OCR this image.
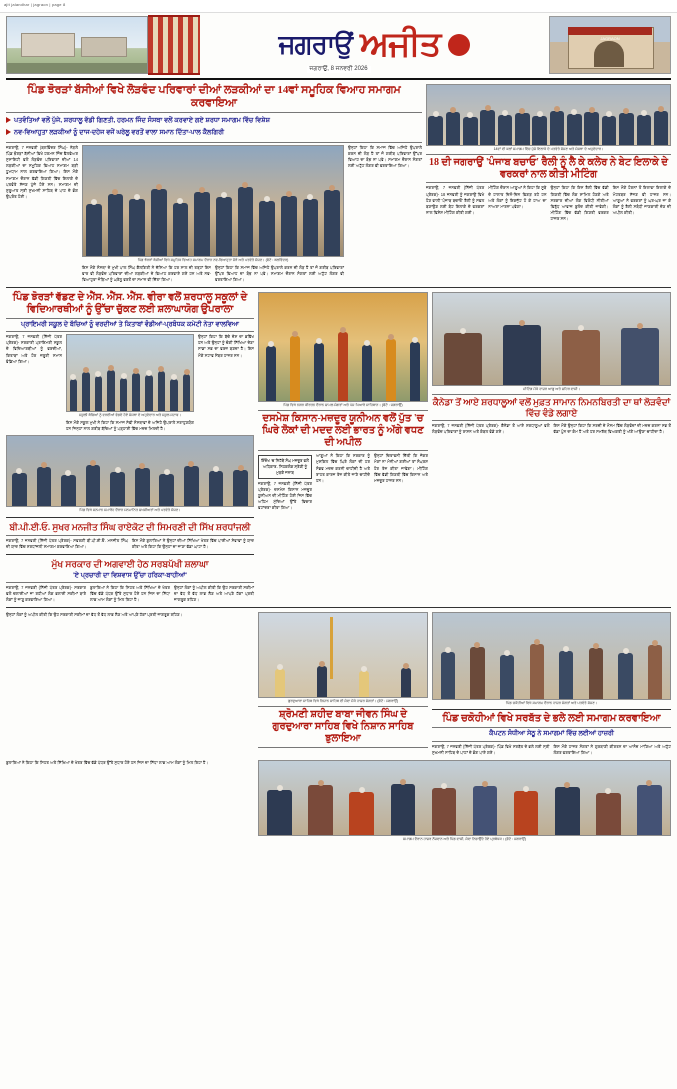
ajit jalandhar | jagraon | page 8
ਜਗਰਾਉਂ ਅਜੀਤ
ਜਗਰਾਉਂ, 8 ਜਨਵਰੀ 2026
JAGRAON
ਪਿੰਡ ਝੋਰੜਾਂ ਬੱਸੀਆਂ ਵਿਖੇ ਲੋੜਵੰਦ ਪਰਿਵਾਰਾਂ ਦੀਆਂ ਲੜਕੀਆਂ ਦਾ 14ਵਾਂ ਸਮੂਹਿਕ ਵਿਆਹ ਸਮਾਗਮ ਕਰਵਾਇਆ
ਪਤਵੰਤਿਆਂ ਵਲੋਂ ਪੁੱਜੇ, ਸ਼ਰਧਾਲੂ ਵੱਡੀ ਗਿਣਤੀ, ਹਰਮਨ ਜਿੰਦ ਸੰਸਥਾ ਵਲੋਂ ਕਰਵਾਏ ਗਏ ਸ਼ਰਧਾ ਸਮਾਗਮ ਵਿੱਚ ਵਿਸ਼ੇਸ਼
ਨਵ-ਵਿਆਹੁਤਾ ਲੜਕੀਆਂ ਨੂੰ ਦਾਜ-ਦਹੇਜ ਵਜੋਂ ਘਰੇਲੂ ਵਰਤੋਂ ਵਾਲਾ ਸਮਾਨ ਦਿੱਤਾ-ਪਾਲ ਕੈਲਗਿਰੀ
ਜਗਰਾਉਂ, 7 ਜਨਵਰੀ (ਬਲਵਿੰਦਰ ਸਿੰਘ)- ਨੇੜਲੇ ਪਿੰਡ ਝੋਰੜਾਂ ਬੱਸੀਆਂ ਵਿਖੇ ਹਰਮਨ ਜਿੰਦ ਵੈਲਫੇਅਰ ਸੁਸਾਇਟੀ ਵਲੋਂ ਲੋੜਵੰਦ ਪਰਿਵਾਰਾਂ ਦੀਆਂ 14 ਲੜਕੀਆਂ ਦਾ ਸਮੂਹਿਕ ਵਿਆਹ ਸਮਾਗਮ ਬੜੀ ਧੂਮਧਾਮ ਨਾਲ ਕਰਵਾਇਆ ਗਿਆ। ਇਸ ਮੌਕੇ ਸਮਾਗਮ ਦੌਰਾਨ ਵੱਡੀ ਗਿਣਤੀ ਵਿੱਚ ਇਲਾਕੇ ਦੇ ਪਤਵੰਤੇ ਸੱਜਣ ਪੁੱਜੇ ਹੋਏ ਸਨ। ਸਮਾਗਮ ਦੀ ਸ਼ੁਰੂਆਤ ਸ੍ਰੀ ਸੁਖਮਨੀ ਸਾਹਿਬ ਦੇ ਪਾਠ ਦੇ ਭੋਗ ਉਪਰੰਤ ਹੋਈ।
ਪਿੰਡ ਝੋਰੜਾਂ ਬੱਸੀਆਂ ਵਿਖੇ ਸਮੂਹਿਕ ਵਿਆਹ ਸਮਾਗਮ ਦੌਰਾਨ ਨਵ-ਵਿਆਹੁਤਾ ਜੋੜੇ ਅਤੇ ਪਤਵੰਤੇ ਸੱਜਣ। (ਫੋਟੋ : ਬਲਵਿੰਦਰ)
ਇਸ ਮੌਕੇ ਸੰਸਥਾ ਦੇ ਮੁਖੀ ਪਾਲ ਸਿੰਘ ਕੈਲਗਿਰੀ ਨੇ ਦੱਸਿਆ ਕਿ ਹਰ ਸਾਲ ਦੀ ਤਰ੍ਹਾਂ ਇਸ ਵਾਰ ਵੀ ਲੋੜਵੰਦ ਪਰਿਵਾਰਾਂ ਦੀਆਂ ਲੜਕੀਆਂ ਦੇ ਵਿਆਹ ਕਰਵਾਏ ਗਏ ਹਨ ਅਤੇ ਨਵ-ਵਿਆਹੁਤਾ ਜੋੜਿਆਂ ਨੂੰ ਘਰੇਲੂ ਵਰਤੋਂ ਦਾ ਸਮਾਨ ਵੀ ਦਿੱਤਾ ਗਿਆ।
ਉਨ੍ਹਾਂ ਕਿਹਾ ਕਿ ਸਮਾਜ ਵਿੱਚ ਅਜਿਹੇ ਉਪਰਾਲੇ ਕਰਨ ਦੀ ਲੋੜ ਹੈ ਤਾਂ ਜੋ ਗਰੀਬ ਪਰਿਵਾਰਾਂ ਉੱਪਰ ਵਿਆਹ ਦਾ ਬੋਝ ਨਾ ਪਵੇ। ਸਮਾਗਮ ਦੌਰਾਨ ਸੰਗਤਾਂ ਲਈ ਅਟੁੱਟ ਲੰਗਰ ਵੀ ਵਰਤਾਇਆ ਗਿਆ।
ਉਨ੍ਹਾਂ ਕਿਹਾ ਕਿ ਸਮਾਜ ਵਿੱਚ ਅਜਿਹੇ ਉਪਰਾਲੇ ਕਰਨ ਦੀ ਲੋੜ ਹੈ ਤਾਂ ਜੋ ਗਰੀਬ ਪਰਿਵਾਰਾਂ ਉੱਪਰ ਵਿਆਹ ਦਾ ਬੋਝ ਨਾ ਪਵੇ। ਸਮਾਗਮ ਦੌਰਾਨ ਸੰਗਤਾਂ ਲਈ ਅਟੁੱਟ ਲੰਗਰ ਵੀ ਵਰਤਾਇਆ ਗਿਆ।
14ਵਾਂ ਵੀ ਕਲਾਂ ਸਮਾਗਮ ਵਿੱਚ ਪੁੱਜੇ ਇਲਾਕੇ ਦੇ ਪਤਵੰਤੇ ਸੱਜਣ ਅਤੇ ਸੰਸਥਾ ਦੇ ਅਹੁਦੇਦਾਰ।
18 ਦੀ ਜਗਰਾਉਂ 'ਪੰਜਾਬ ਬਚਾਓ' ਰੈਲੀ ਨੂੰ ਲੈ ਕੇ ਕਲੇਰ ਨੇ ਬੇਟ ਇਲਾਕੇ ਦੇ ਵਰਕਰਾਂ ਨਾਲ ਕੀਤੀ ਮੀਟਿੰਗ
ਜਗਰਾਉਂ, 7 ਜਨਵਰੀ (ਨਿੱਜੀ ਪੱਤਰ ਪ੍ਰੇਰਕ)- 18 ਜਨਵਰੀ ਨੂੰ ਜਗਰਾਉਂ ਵਿਖੇ ਹੋਣ ਵਾਲੀ 'ਪੰਜਾਬ ਬਚਾਓ' ਰੈਲੀ ਨੂੰ ਸਫਲ ਬਣਾਉਣ ਲਈ ਬੇਟ ਇਲਾਕੇ ਦੇ ਵਰਕਰਾਂ ਨਾਲ ਵਿਸ਼ੇਸ਼ ਮੀਟਿੰਗ ਕੀਤੀ ਗਈ।
ਮੀਟਿੰਗ ਦੌਰਾਨ ਆਗੂਆਂ ਨੇ ਕਿਹਾ ਕਿ ਸੂਬੇ ਦੇ ਹਾਲਾਤ ਦਿਨੋ-ਦਿਨ ਵਿਗੜ ਰਹੇ ਹਨ ਅਤੇ ਲੋਕਾਂ ਨੂੰ ਇਕਜੁੱਟ ਹੋ ਕੇ ਹਾਅ ਦਾ ਨਾਅਰਾ ਮਾਰਨਾ ਪਵੇਗਾ।
ਉਨ੍ਹਾਂ ਕਿਹਾ ਕਿ ਇਸ ਰੈਲੀ ਵਿੱਚ ਵੱਡੀ ਗਿਣਤੀ ਵਿੱਚ ਲੋਕ ਸ਼ਾਮਿਲ ਹੋਣਗੇ ਅਤੇ ਸਰਕਾਰ ਦੀਆਂ ਲੋਕ ਵਿਰੋਧੀ ਨੀਤੀਆਂ ਵਿਰੁੱਧ ਆਵਾਜ਼ ਬੁਲੰਦ ਕੀਤੀ ਜਾਵੇਗੀ। ਮੀਟਿੰਗ ਵਿੱਚ ਵੱਡੀ ਗਿਣਤੀ ਵਰਕਰ ਹਾਜ਼ਰ ਸਨ।
ਇਸ ਮੌਕੇ ਹੋਰਨਾਂ ਤੋਂ ਇਲਾਵਾ ਇਲਾਕੇ ਦੇ ਮੋਹਤਬਰ ਸੱਜਣ ਵੀ ਹਾਜ਼ਰ ਸਨ। ਆਗੂਆਂ ਨੇ ਵਰਕਰਾਂ ਨੂੰ ਘਰ-ਘਰ ਜਾ ਕੇ ਲੋਕਾਂ ਨੂੰ ਰੈਲੀ ਸਬੰਧੀ ਜਾਣਕਾਰੀ ਦੇਣ ਦੀ ਅਪੀਲ ਕੀਤੀ।
ਪਿੰਡ ਝੋਰੜਾਂ ਵੱਡਣ ਦੇ ਐੱਸ. ਐੱਸ. ਐੱਸ. ਵੀਰਾ ਵਲੋਂ ਸ਼ਰਧਾਲੂ ਸਕੂਲਾਂ ਦੇ ਵਿਦਿਆਰਥੀਆਂ ਨੂੰ ਉੱਚਾ ਚੁੱਕਣ ਲਈ ਸ਼ਲਾਘਾਯੋਗ ਉਪਰਾਲਾ
ਪ੍ਰਾਇਮਰੀ ਸਕੂਲ ਦੇ ਬੱਚਿਆਂ ਨੂੰ ਵਰਦੀਆਂ ਤੇ ਕਿਤਾਬਾਂ ਵੰਡੀਆਂ-ਪ੍ਰਬੰਧਕ ਕਮੇਟੀ ਨੇਤਾ ਵਾਲਵਿਆ
ਜਗਰਾਉਂ, 7 ਜਨਵਰੀ (ਨਿੱਜੀ ਪੱਤਰ ਪ੍ਰੇਰਕ)- ਸਰਕਾਰੀ ਪ੍ਰਾਇਮਰੀ ਸਕੂਲ ਦੇ ਵਿਦਿਆਰਥੀਆਂ ਨੂੰ ਵਰਦੀਆਂ, ਕਿਤਾਬਾਂ ਅਤੇ ਹੋਰ ਜ਼ਰੂਰੀ ਸਮਾਨ ਵੰਡਿਆ ਗਿਆ।
ਸਕੂਲੀ ਬੱਚਿਆਂ ਨੂੰ ਵਰਦੀਆਂ ਵੰਡਦੇ ਹੋਏ ਸੰਸਥਾ ਦੇ ਅਹੁਦੇਦਾਰ ਅਤੇ ਸਕੂਲ ਸਟਾਫ।
ਇਸ ਮੌਕੇ ਸਕੂਲ ਮੁਖੀ ਨੇ ਕਿਹਾ ਕਿ ਸਮਾਜ ਸੇਵੀ ਸੰਸਥਾਵਾਂ ਦੇ ਅਜਿਹੇ ਉਪਰਾਲੇ ਸਰਾਹੁਣਯੋਗ ਹਨ ਜਿਨ੍ਹਾਂ ਨਾਲ ਗਰੀਬ ਬੱਚਿਆਂ ਨੂੰ ਪੜ੍ਹਾਈ ਵਿੱਚ ਮਦਦ ਮਿਲਦੀ ਹੈ।
ਉਨ੍ਹਾਂ ਕਿਹਾ ਕਿ ਬੱਚੇ ਦੇਸ਼ ਦਾ ਭਵਿੱਖ ਹਨ ਅਤੇ ਉਨ੍ਹਾਂ ਨੂੰ ਚੰਗੀ ਸਿੱਖਿਆ ਦੇਣਾ ਸਾਡਾ ਸਭ ਦਾ ਫਰਜ਼ ਬਣਦਾ ਹੈ। ਇਸ ਮੌਕੇ ਸਟਾਫ ਮੈਂਬਰ ਹਾਜ਼ਰ ਸਨ।
ਪਿੰਡ ਵਿਖੇ ਸਨਮਾਨ ਸਮਾਰੋਹ ਦੌਰਾਨ ਸਨਮਾਨਿਤ ਸ਼ਖਸੀਅਤਾਂ ਅਤੇ ਪਤਵੰਤੇ ਸੱਜਣ।
ਬੀ.ਪੀ.ਈ.ਓ. ਸੁਖਰ ਮਨਜੀਤ ਸਿੰਘ ਰਾਏਕੋਟ ਦੀ ਸਿਮਰਣੀ ਦੀ ਸਿੱਖ ਸ਼ਰਧਾਂਜਲੀ
ਜਗਰਾਉਂ, 7 ਜਨਵਰੀ (ਨਿੱਜੀ ਪੱਤਰ ਪ੍ਰੇਰਕ)- ਸਵਰਗੀ ਬੀ.ਪੀ.ਈ.ਓ. ਮਨਜੀਤ ਸਿੰਘ ਦੀ ਯਾਦ ਵਿੱਚ ਸ਼ਰਧਾਂਜਲੀ ਸਮਾਗਮ ਕਰਵਾਇਆ ਗਿਆ।
ਇਸ ਮੌਕੇ ਬੁਲਾਰਿਆਂ ਨੇ ਉਨ੍ਹਾਂ ਦੀਆਂ ਸਿੱਖਿਆ ਖੇਤਰ ਵਿੱਚ ਪਾਈਆਂ ਸੇਵਾਵਾਂ ਨੂੰ ਯਾਦ ਕੀਤਾ ਅਤੇ ਕਿਹਾ ਕਿ ਉਨ੍ਹਾਂ ਦਾ ਜਾਣਾ ਵੱਡਾ ਘਾਟਾ ਹੈ।
ਮੁੱਖ ਸਰਕਾਰ ਦੀ ਅਗਵਾਈ ਹੇਠ ਸਰਬਪੱਖੀ ਸ਼ਲਾਘਾ
'ਏ ਪ੍ਰਚਾਰੀ ਦਾ ਵਿਸ਼ਵਾਸ ਉੱਚਾ ਹਰਿਕਾ-ਬਾਹੀਆਂ'
ਜਗਰਾਉਂ, 7 ਜਨਵਰੀ (ਨਿੱਜੀ ਪੱਤਰ ਪ੍ਰੇਰਕ)- ਸਰਕਾਰ ਵਲੋਂ ਚਲਾਈਆਂ ਜਾ ਰਹੀਆਂ ਲੋਕ ਭਲਾਈ ਸਕੀਮਾਂ ਬਾਰੇ ਲੋਕਾਂ ਨੂੰ ਜਾਣੂ ਕਰਵਾਇਆ ਗਿਆ।
ਬੁਲਾਰਿਆਂ ਨੇ ਕਿਹਾ ਕਿ ਸਿਹਤ ਅਤੇ ਸਿੱਖਿਆ ਦੇ ਖੇਤਰ ਵਿੱਚ ਵੱਡੇ ਪੱਧਰ ਉੱਤੇ ਸੁਧਾਰ ਹੋਏ ਹਨ ਜਿਸ ਦਾ ਸਿੱਧਾ ਲਾਭ ਆਮ ਲੋਕਾਂ ਨੂੰ ਮਿਲ ਰਿਹਾ ਹੈ।
ਉਨ੍ਹਾਂ ਲੋਕਾਂ ਨੂੰ ਅਪੀਲ ਕੀਤੀ ਕਿ ਉਹ ਸਰਕਾਰੀ ਸਕੀਮਾਂ ਦਾ ਵੱਧ ਤੋਂ ਵੱਧ ਲਾਭ ਲੈਣ ਅਤੇ ਆਪਣੇ ਹੱਕਾਂ ਪ੍ਰਤੀ ਜਾਗਰੂਕ ਰਹਿਣ।
ਪਿੰਡ ਵਿਖੇ ਨਗਰ ਕੀਰਤਨ ਦੌਰਾਨ ਸ਼ਾਮਲ ਸੰਗਤਾਂ ਅਤੇ ਪੰਜ ਪਿਆਰੇ ਸਾਹਿਬਾਨ। (ਫੋਟੋ : ਜਗਰਾਉਂ)
ਦਸਮੇਸ਼ ਕਿਸਾਨ-ਮਜ਼ਦੂਰ ਯੂਨੀਅਨ ਵਲੋਂ ਪੁੱਤ 'ਚ ਘਿਰੇ ਲੋਕਾਂ ਦੀ ਮਦਦ ਲਈ ਭਾਰਤ ਨੂੰ ਅੱਗੇ ਵਧਣ ਦੀ ਅਪੀਲ
ਇੰਦੋਖ 'ਚ ਨਿਹੱਥੇ ਸੰਘ ਮਜ਼ਦੂਰ ਵਲੋਂ ਅਧਿਕਾਰ- ਨਿਹਕਲੰਕ ਸ਼੍ਰੇਣੀ ਨੂੰ ਮੁੜਕੇ ਜਨਾਬ
ਜਗਰਾਉਂ, 7 ਜਨਵਰੀ (ਨਿੱਜੀ ਪੱਤਰ ਪ੍ਰੇਰਕ)- ਦਸਮੇਸ਼ ਕਿਸਾਨ ਮਜ਼ਦੂਰ ਯੂਨੀਅਨ ਦੀ ਮੀਟਿੰਗ ਹੋਈ ਜਿਸ ਵਿੱਚ ਅਹਿਮ ਮੁੱਦਿਆਂ ਉੱਤੇ ਵਿਚਾਰ ਵਟਾਂਦਰਾ ਕੀਤਾ ਗਿਆ।
ਆਗੂਆਂ ਨੇ ਕਿਹਾ ਕਿ ਸਰਕਾਰ ਨੂੰ ਮੁਸ਼ਕਿਲ ਵਿੱਚ ਘਿਰੇ ਲੋਕਾਂ ਦੀ ਹਰ ਸੰਭਵ ਮਦਦ ਕਰਨੀ ਚਾਹੀਦੀ ਹੈ ਅਤੇ ਰਾਹਤ ਕਾਰਜ ਤੇਜ਼ ਕੀਤੇ ਜਾਣੇ ਚਾਹੀਦੇ ਹਨ।
ਉਨ੍ਹਾਂ ਚਿਤਾਵਨੀ ਦਿੱਤੀ ਕਿ ਜੇਕਰ ਮੰਗਾਂ ਨਾ ਮੰਨੀਆਂ ਗਈਆਂ ਤਾਂ ਸੰਘਰਸ਼ ਹੋਰ ਤੇਜ਼ ਕੀਤਾ ਜਾਵੇਗਾ। ਮੀਟਿੰਗ ਵਿੱਚ ਵੱਡੀ ਗਿਣਤੀ ਵਿੱਚ ਕਿਸਾਨ ਅਤੇ ਮਜ਼ਦੂਰ ਹਾਜ਼ਰ ਸਨ।
ਮੀਟਿੰਗ ਮੌਕੇ ਹਾਜ਼ਰ ਆਗੂ ਅਤੇ ਸ਼ਹਿਰ ਵਾਸੀ।
ਕੈਨੇਡਾ ਤੋਂ ਆਏ ਸ਼ਰਧਾਲੂਆਂ ਵਲੋਂ ਮੁਫ਼ਤ ਸਾਮਾਨ ਨਿਮਨਬਿਰਤੀ ਦਾ ਥਾਂ ਲੋੜਵੰਦਾਂ ਵਿੱਚ ਵੰਡੇ ਲਗਾਏ
ਜਗਰਾਉਂ, 7 ਜਨਵਰੀ (ਨਿੱਜੀ ਪੱਤਰ ਪ੍ਰੇਰਕ)- ਕੈਨੇਡਾ ਤੋਂ ਆਏ ਸ਼ਰਧਾਲੂਆਂ ਵਲੋਂ ਲੋੜਵੰਦ ਪਰਿਵਾਰਾਂ ਨੂੰ ਰਾਸ਼ਨ ਅਤੇ ਕੰਬਲ ਵੰਡੇ ਗਏ।
ਇਸ ਮੌਕੇ ਉਨ੍ਹਾਂ ਕਿਹਾ ਕਿ ਸਰਦੀ ਦੇ ਮੌਸਮ ਵਿੱਚ ਲੋੜਵੰਦਾਂ ਦੀ ਮਦਦ ਕਰਨਾ ਸਭ ਤੋਂ ਵੱਡਾ ਪੁੰਨ ਦਾ ਕੰਮ ਹੈ ਅਤੇ ਹਰ ਸਮਰੱਥ ਵਿਅਕਤੀ ਨੂੰ ਅੱਗੇ ਆਉਣਾ ਚਾਹੀਦਾ ਹੈ।
ਉਨ੍ਹਾਂ ਲੋਕਾਂ ਨੂੰ ਅਪੀਲ ਕੀਤੀ ਕਿ ਉਹ ਸਰਕਾਰੀ ਸਕੀਮਾਂ ਦਾ ਵੱਧ ਤੋਂ ਵੱਧ ਲਾਭ ਲੈਣ ਅਤੇ ਆਪਣੇ ਹੱਕਾਂ ਪ੍ਰਤੀ ਜਾਗਰੂਕ ਰਹਿਣ।
ਗੁਰਦੁਆਰਾ ਸਾਹਿਬ ਵਿਖੇ ਨਿਸ਼ਾਨ ਸਾਹਿਬ ਦੀ ਸੇਵਾ ਮੌਕੇ ਹਾਜ਼ਰ ਸੰਗਤਾਂ। (ਫੋਟੋ : ਜਗਰਾਉਂ)
ਸ਼੍ਰੋਮਣੀ ਸ਼ਹੀਦ ਬਾਬਾ ਜੀਵਨ ਸਿੰਘ ਦੇ ਗੁਰਦੁਆਰਾ ਸਾਹਿਬ ਵਿਖੇ ਨਿਸ਼ਾਨ ਸਾਹਿਬ ਝੁਲਾਇਆ
ਪਿੰਡ ਚਕੋਹੀਆਂ ਵਿਖੇ ਸਮਾਗਮ ਦੌਰਾਨ ਹਾਜ਼ਰ ਸੰਗਤਾਂ ਅਤੇ ਪਤਵੰਤੇ ਸੱਜਣ।
ਪਿੰਡ ਚਕੋਹੀਆਂ ਵਿਖੇ ਸਰਬੱਤ ਦੇ ਭਲੇ ਲਈ ਸਮਾਗਮ ਕਰਵਾਇਆ
ਕੈਪਟਨ ਸੰਧੀਆ ਸੇਠੂ ਨੇ ਸਮਾਗਮਾਂ ਵਿੱਚ ਲਈਆਂ ਹਾਜ਼ਰੀ
ਜਗਰਾਉਂ, 7 ਜਨਵਰੀ (ਨਿੱਜੀ ਪੱਤਰ ਪ੍ਰੇਰਕ)- ਪਿੰਡ ਵਿਖੇ ਸਰਬੱਤ ਦੇ ਭਲੇ ਲਈ ਸ੍ਰੀ ਸੁਖਮਨੀ ਸਾਹਿਬ ਦੇ ਪਾਠਾਂ ਦੇ ਭੋਗ ਪਾਏ ਗਏ।
ਇਸ ਮੌਕੇ ਹਾਜ਼ਰ ਸੰਗਤਾਂ ਨੇ ਗੁਰਬਾਣੀ ਕੀਰਤਨ ਦਾ ਆਨੰਦ ਮਾਣਿਆ ਅਤੇ ਅਟੁੱਟ ਲੰਗਰ ਵਰਤਾਇਆ ਗਿਆ।
ਬੁਲਾਰਿਆਂ ਨੇ ਕਿਹਾ ਕਿ ਸਿਹਤ ਅਤੇ ਸਿੱਖਿਆ ਦੇ ਖੇਤਰ ਵਿੱਚ ਵੱਡੇ ਪੱਧਰ ਉੱਤੇ ਸੁਧਾਰ ਹੋਏ ਹਨ ਜਿਸ ਦਾ ਸਿੱਧਾ ਲਾਭ ਆਮ ਲੋਕਾਂ ਨੂੰ ਮਿਲ ਰਿਹਾ ਹੈ।
ਸਮਾਗਮ ਦੌਰਾਨ ਹਾਜ਼ਰ ਨੌਜਵਾਨ ਅਤੇ ਪਿੰਡ ਵਾਸੀ, ਸੇਵਾ ਨਿਭਾਉਂਦੇ ਹੋਏ ਪ੍ਰਬੰਧਕ। (ਫੋਟੋ : ਜਗਰਾਉਂ)
